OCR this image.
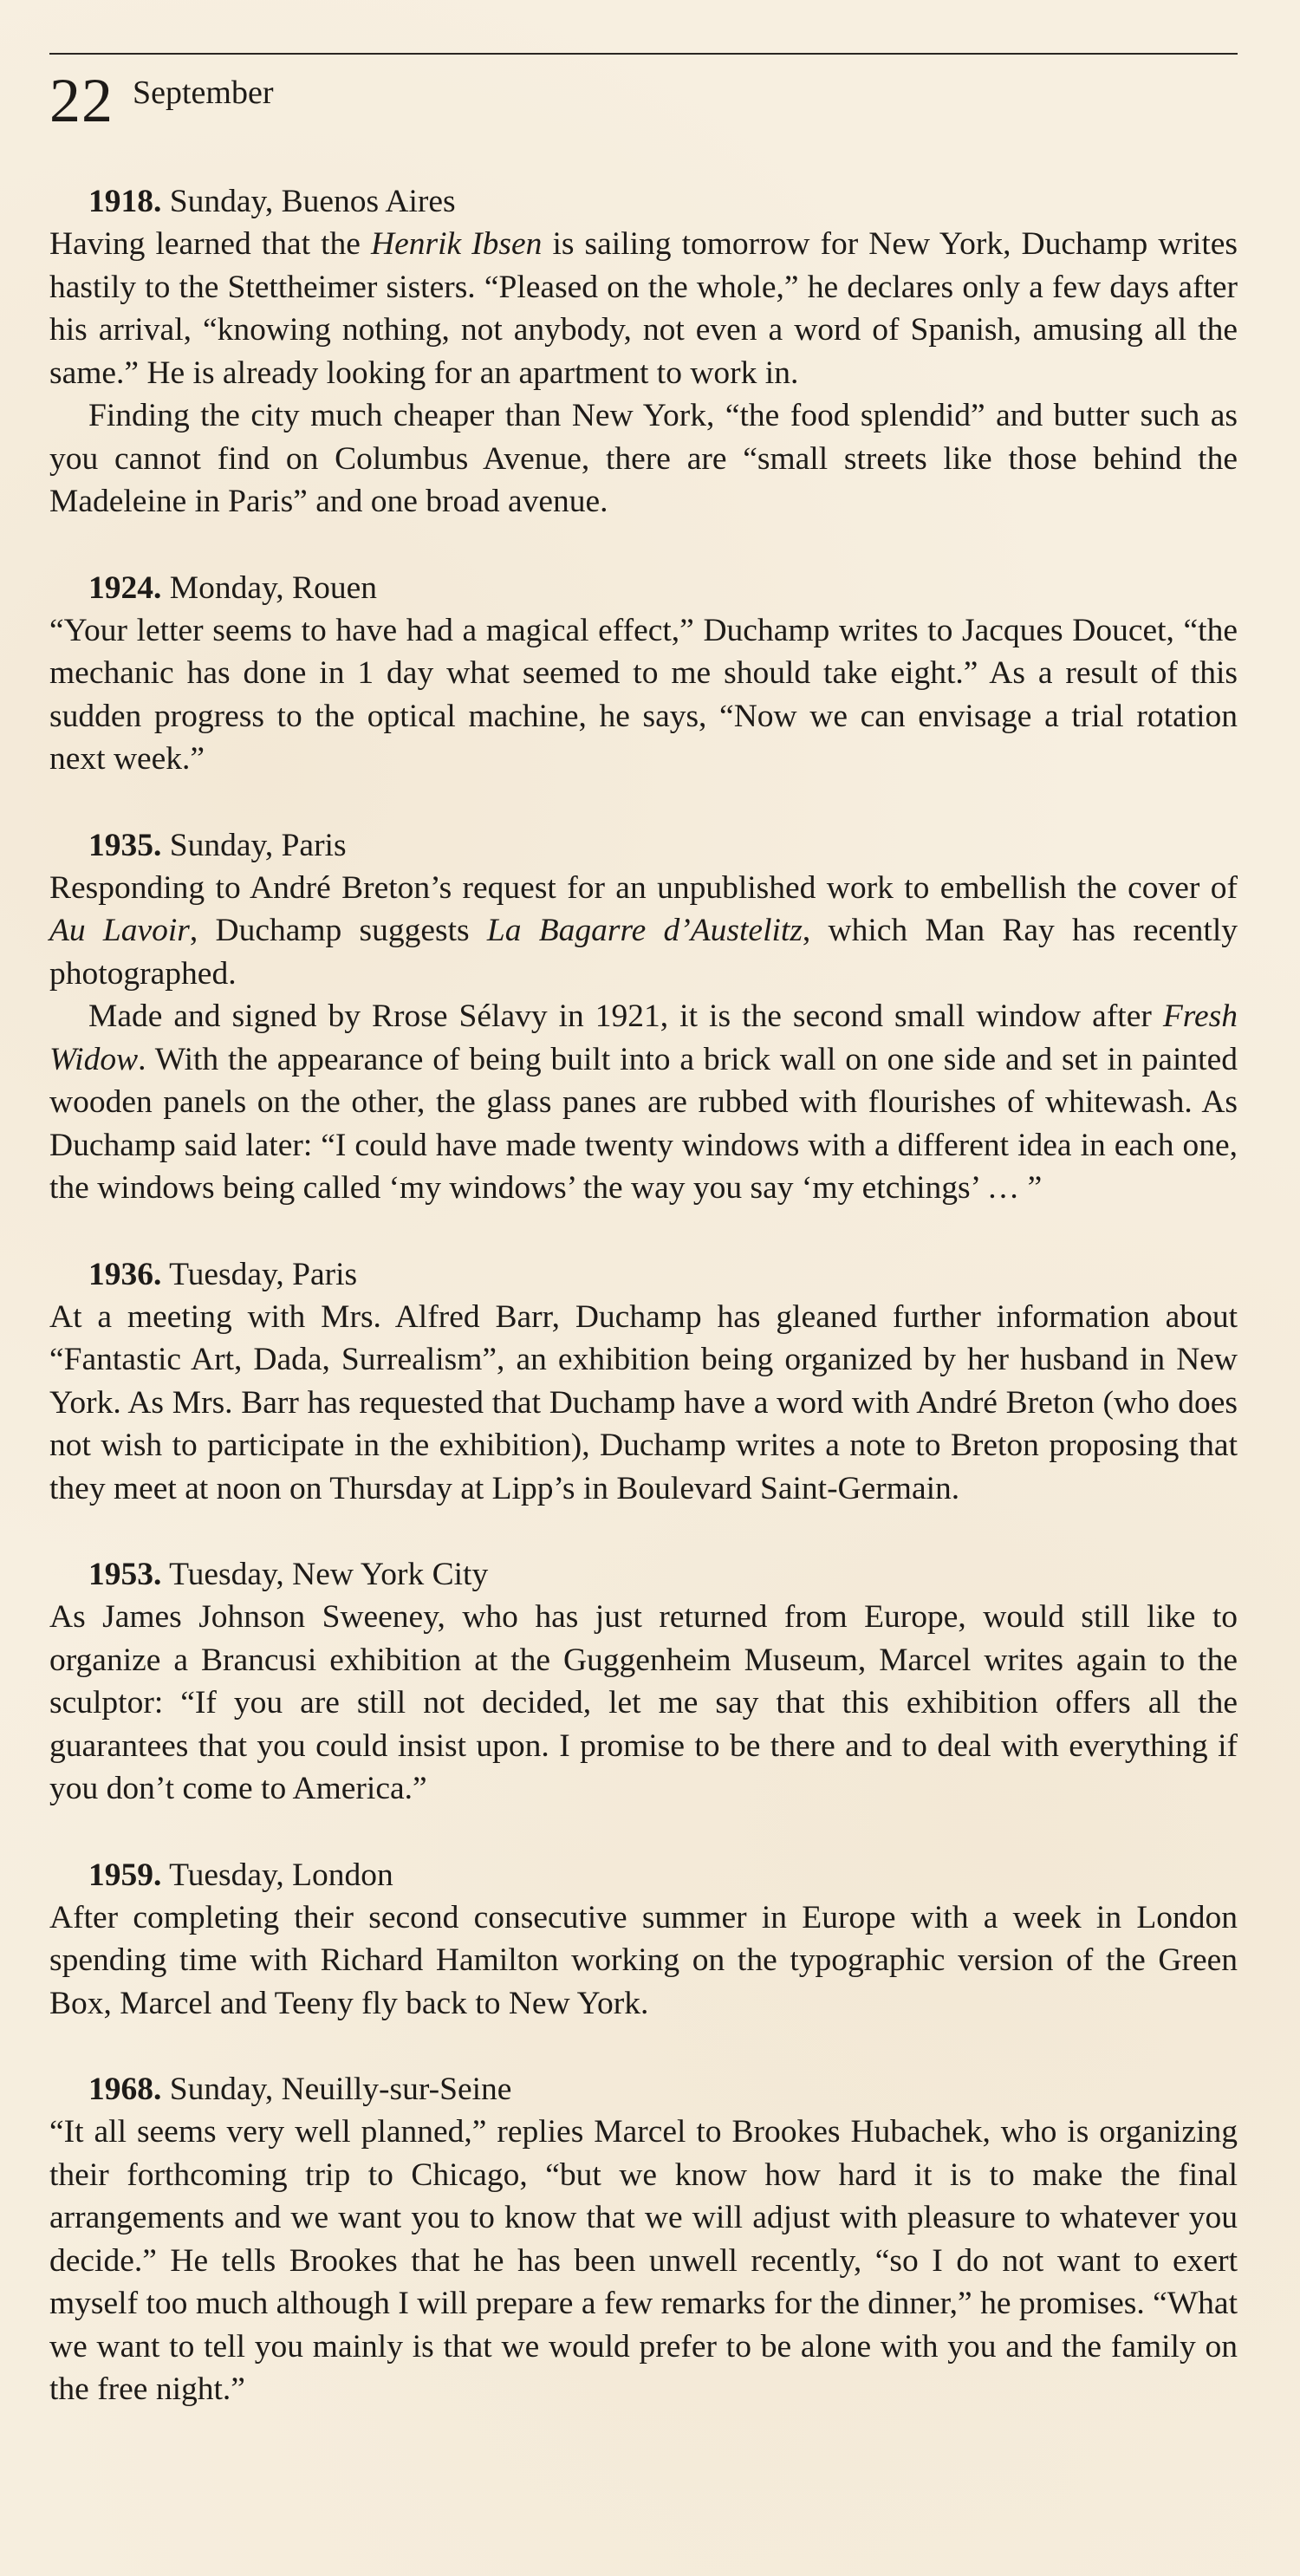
22 September
1918. Sunday, Buenos Aires

Having learned that the Henrik Ibsen is sailing tomorrow for New York, Duchamp writes hastily to the Stettheimer sisters. “Pleased on the whole,” he declares only a few days after his arrival, “knowing nothing, not anybody, not even a word of Spanish, amusing all the same.” He is already looking for an apartment to work in.

Finding the city much cheaper than New York, “the food splendid” and butter such as you cannot find on Columbus Avenue, there are “small streets like those behind the Madeleine in Paris” and one broad avenue.

1924. Monday, Rouen

“Your letter seems to have had a magical effect,” Duchamp writes to Jacques Doucet, “the mechanic has done in 1 day what seemed to me should take eight.” As a result of this sudden progress to the optical machine, he says, “Now we can envisage a trial rotation next week.”

1935. Sunday, Paris

Responding to André Breton’s request for an unpublished work to embellish the cover of Au Lavoir, Duchamp suggests La Bagarre d’Austelitz, which Man Ray has recently photographed.

Made and signed by Rrose Sélavy in 1921, it is the second small window after Fresh Widow. With the appearance of being built into a brick wall on one side and set in painted wooden panels on the other, the glass panes are rubbed with flourishes of whitewash. As Duchamp said later: “I could have made twenty windows with a different idea in each one, the windows being called ‘my windows’ the way you say ‘my etchings’ … ”

1936. Tuesday, Paris

At a meeting with Mrs. Alfred Barr, Duchamp has gleaned further information about “Fantastic Art, Dada, Surrealism”, an exhibition being organized by her husband in New York. As Mrs. Barr has requested that Duchamp have a word with André Breton (who does not wish to participate in the exhibition), Duchamp writes a note to Breton proposing that they meet at noon on Thursday at Lipp’s in Boulevard Saint-Germain.

1953. Tuesday, New York City

As James Johnson Sweeney, who has just returned from Europe, would still like to organize a Brancusi exhibition at the Guggenheim Museum, Marcel writes again to the sculptor: “If you are still not decided, let me say that this exhibition offers all the guarantees that you could insist upon. I promise to be there and to deal with everything if you don’t come to America.”

1959. Tuesday, London

After completing their second consecutive summer in Europe with a week in London spending time with Richard Hamilton working on the typographic version of the Green Box, Marcel and Teeny fly back to New York.

1968. Sunday, Neuilly-sur-Seine

“It all seems very well planned,” replies Marcel to Brookes Hubachek, who is organizing their forthcoming trip to Chicago, “but we know how hard it is to make the final arrangements and we want you to know that we will adjust with pleasure to whatever you decide.” He tells Brookes that he has been unwell recently, “so I do not want to exert myself too much although I will prepare a few remarks for the dinner,” he promises. “What we want to tell you mainly is that we would prefer to be alone with you and the family on the free night.”
